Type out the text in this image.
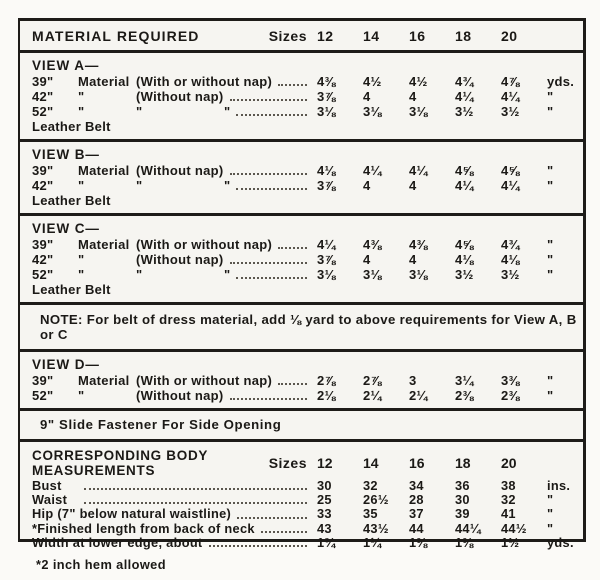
MATERIAL REQUIRED	Sizes 12	14	16	18	20
VIEW A—
39"	Material (With or without nap)	4⅜	4½	4½	4¾	4⅞	yds.
42"	"	(Without nap)	3⅞	4	4	4¼	4¼	"
52"	"	"	"	3⅛	3⅛	3⅛	3½	3½	"
Leather Belt
VIEW B—
39"	Material (Without nap)	4⅛	4¼	4¼	4⅝	4⅝	"
42"	"	"	"	3⅞	4	4	4¼	4¼	"
Leather Belt
VIEW C—
39"	Material (With or without nap)	4¼	4⅜	4⅜	4⅝	4¾	"
42"	"	(Without nap)	3⅞	4	4	4⅛	4⅛	"
52"	"	"	"	3⅛	3⅛	3⅛	3½	3½	"
Leather Belt
NOTE: For belt of dress material, add ⅛ yard to above requirements for View A, B or C
VIEW D—
39"	Material (With or without nap)	2⅞	2⅞	3	3¼	3⅜	"
52"	"	(Without nap)	2⅛	2¼	2¼	2⅜	2⅜	"
9" Slide Fastener For Side Opening
CORRESPONDING BODY
MEASUREMENTS	Sizes 12	14	16	18	20
Bust	30	32	34	36	38	ins.
Waist	25	26½	28	30	32	"
Hip (7" below natural waistline)	33	35	37	39	41	"
*Finished length from back of neck	43	43½	44	44¼	44½	"
Width at lower edge, about	1¾	1¼	1⅜	1⅜	1½	yds.
*2 inch hem allowed
